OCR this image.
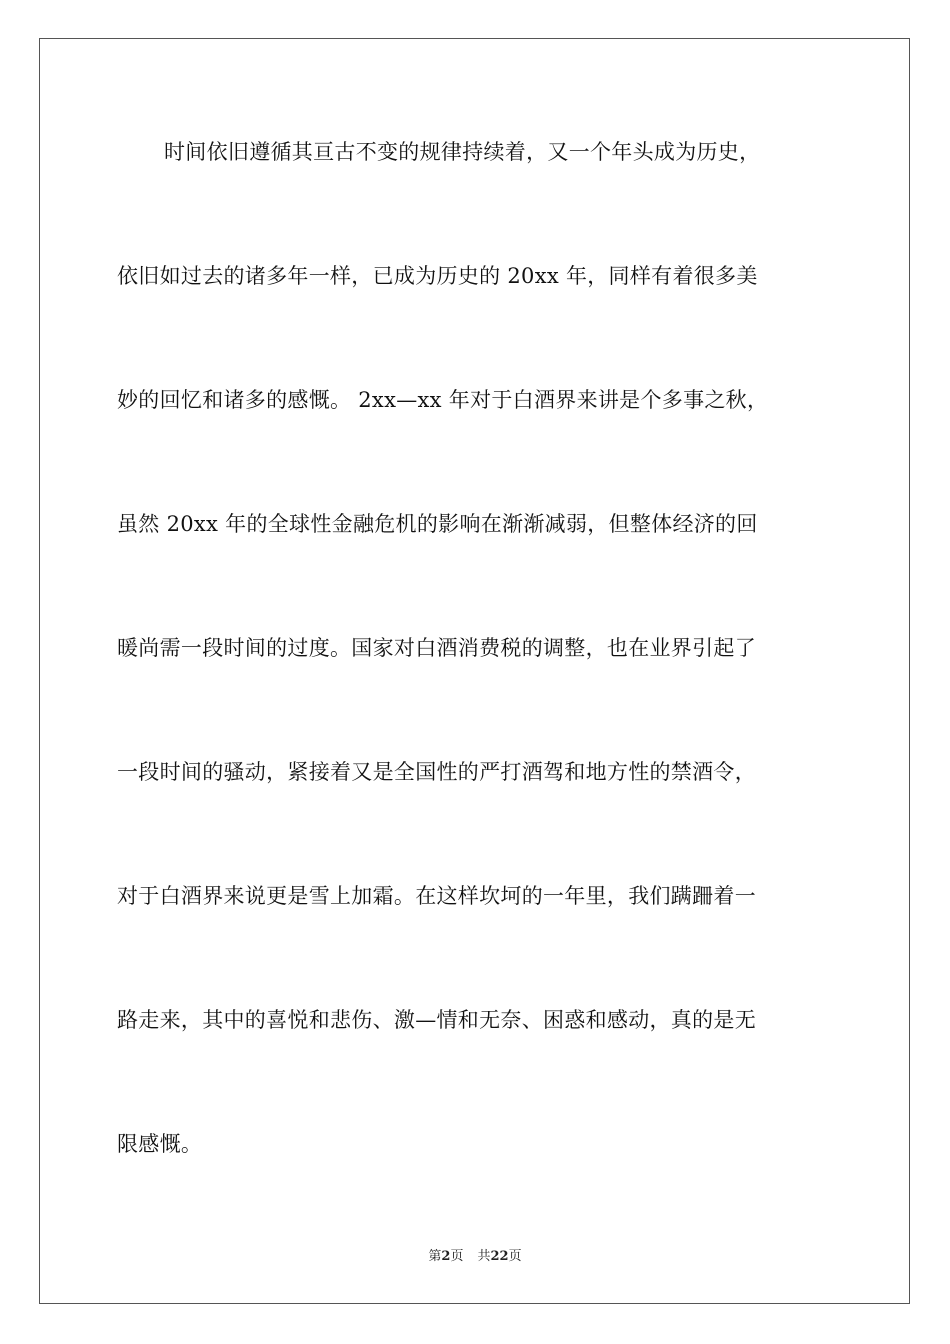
时间依旧遵循其亘古不变的规律持续着，又一个年头成为历史，
依旧如过去的诸多年一样，已成为历史的 20xx 年，同样有着很多美
妙的回忆和诸多的感慨。 2xx—xx 年对于白酒界来讲是个多事之秋，
虽然 20xx 年的全球性金融危机的影响在渐渐减弱，但整体经济的回
暖尚需一段时间的过度。国家对白酒消费税的调整，也在业界引起了
一段时间的骚动，紧接着又是全国性的严打酒驾和地方性的禁酒令，
对于白酒界来说更是雪上加霜。在这样坎坷的一年里，我们蹒跚着一
路走来，其中的喜悦和悲伤、激—情和无奈、困惑和感动，真的是无
限感慨。
第2页 共22页
